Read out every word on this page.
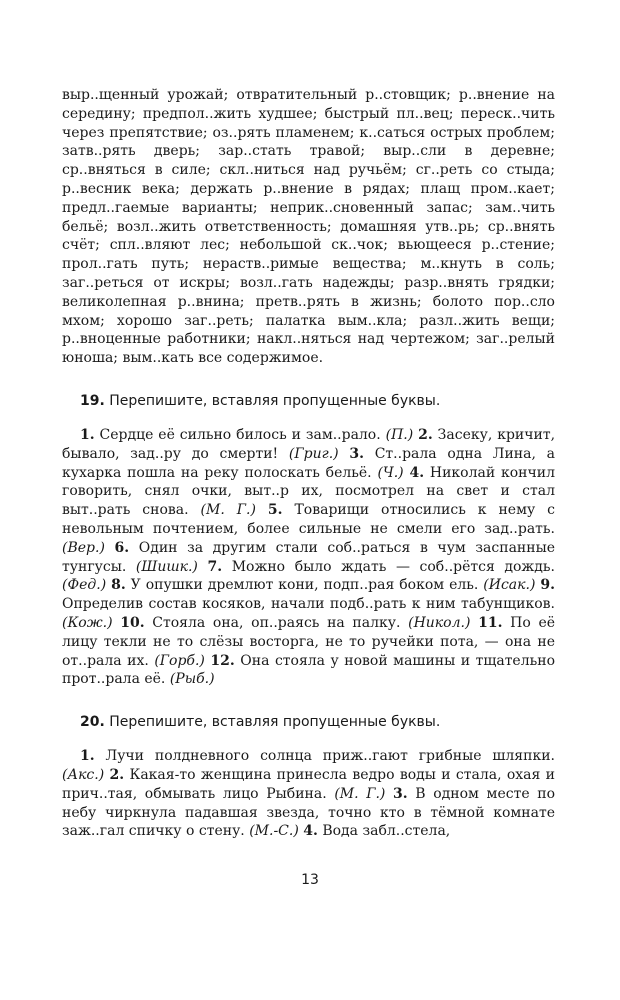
выр..щенный урожай; отвратительный р..стовщик; р..внение на середину; предпол..жить худшее; быстрый пл..вец; переск..чить через препятствие; оз..рять пламенем; к..саться острых проблем; затв..рять дверь; зар..стать травой; выр..сли в деревне; ср..вняться в силе; скл..ниться над ручьём; сг..реть со стыда; р..весник века; держать р..внение в рядах; плащ пром..кает; предл..гаемые варианты; неприк..сновенный запас; зам..чить бельё; возл..жить ответственность; домашняя утв..рь; ср..внять счёт; спл..вляют лес; небольшой ск..чок; вьющееся р..стение; прол..гать путь; нераств..римые вещества; м..кнуть в соль; заг..реться от искры; возл..гать надежды; разр..внять грядки; великолепная р..внина; претв..рять в жизнь; болото пор..сло мхом; хорошо заг..реть; палатка вым..кла; разл..жить вещи; р..вноценные работники; накл..няться над чертежом; заг..релый юноша; вым..кать все содержимое.

19. Перепишите, вставляя пропущенные буквы.

1. Сердце её сильно билось и зам..рало. (П.) 2. Засеку, кричит, бывало, зад..ру до смерти! (Григ.) 3. Ст..рала одна Лина, а кухарка пошла на реку полоскать бельё. (Ч.) 4. Николай кончил говорить, снял очки, выт..р их, посмотрел на свет и стал выт..рать снова. (М. Г.) 5. Товарищи относились к нему с невольным почтением, более сильные не смели его зад..рать. (Вер.) 6. Один за другим стали соб..раться в чум заспанные тунгусы. (Шишк.) 7. Можно было ждать — соб..рётся дождь. (Фед.) 8. У опушки дремлют кони, подп..рая боком ель. (Исак.) 9. Определив состав косяков, начали подб..рать к ним табунщиков. (Кож.) 10. Стояла она, оп..раясь на палку. (Никол.) 11. По её лицу текли не то слёзы восторга, не то ручейки пота, — она не от..рала их. (Горб.) 12. Она стояла у новой машины и тщательно прот..рала её. (Рыб.)

20. Перепишите, вставляя пропущенные буквы.

1. Лучи полдневного солнца приж..гают грибные шляпки. (Акс.) 2. Какая-то женщина принесла ведро воды и стала, охая и прич..тая, обмывать лицо Рыбина. (М. Г.) 3. В одном месте по небу чиркнула падавшая звезда, точно кто в тёмной комнате заж..гал спичку о стену. (М.-С.) 4. Вода забл..стела,

13
